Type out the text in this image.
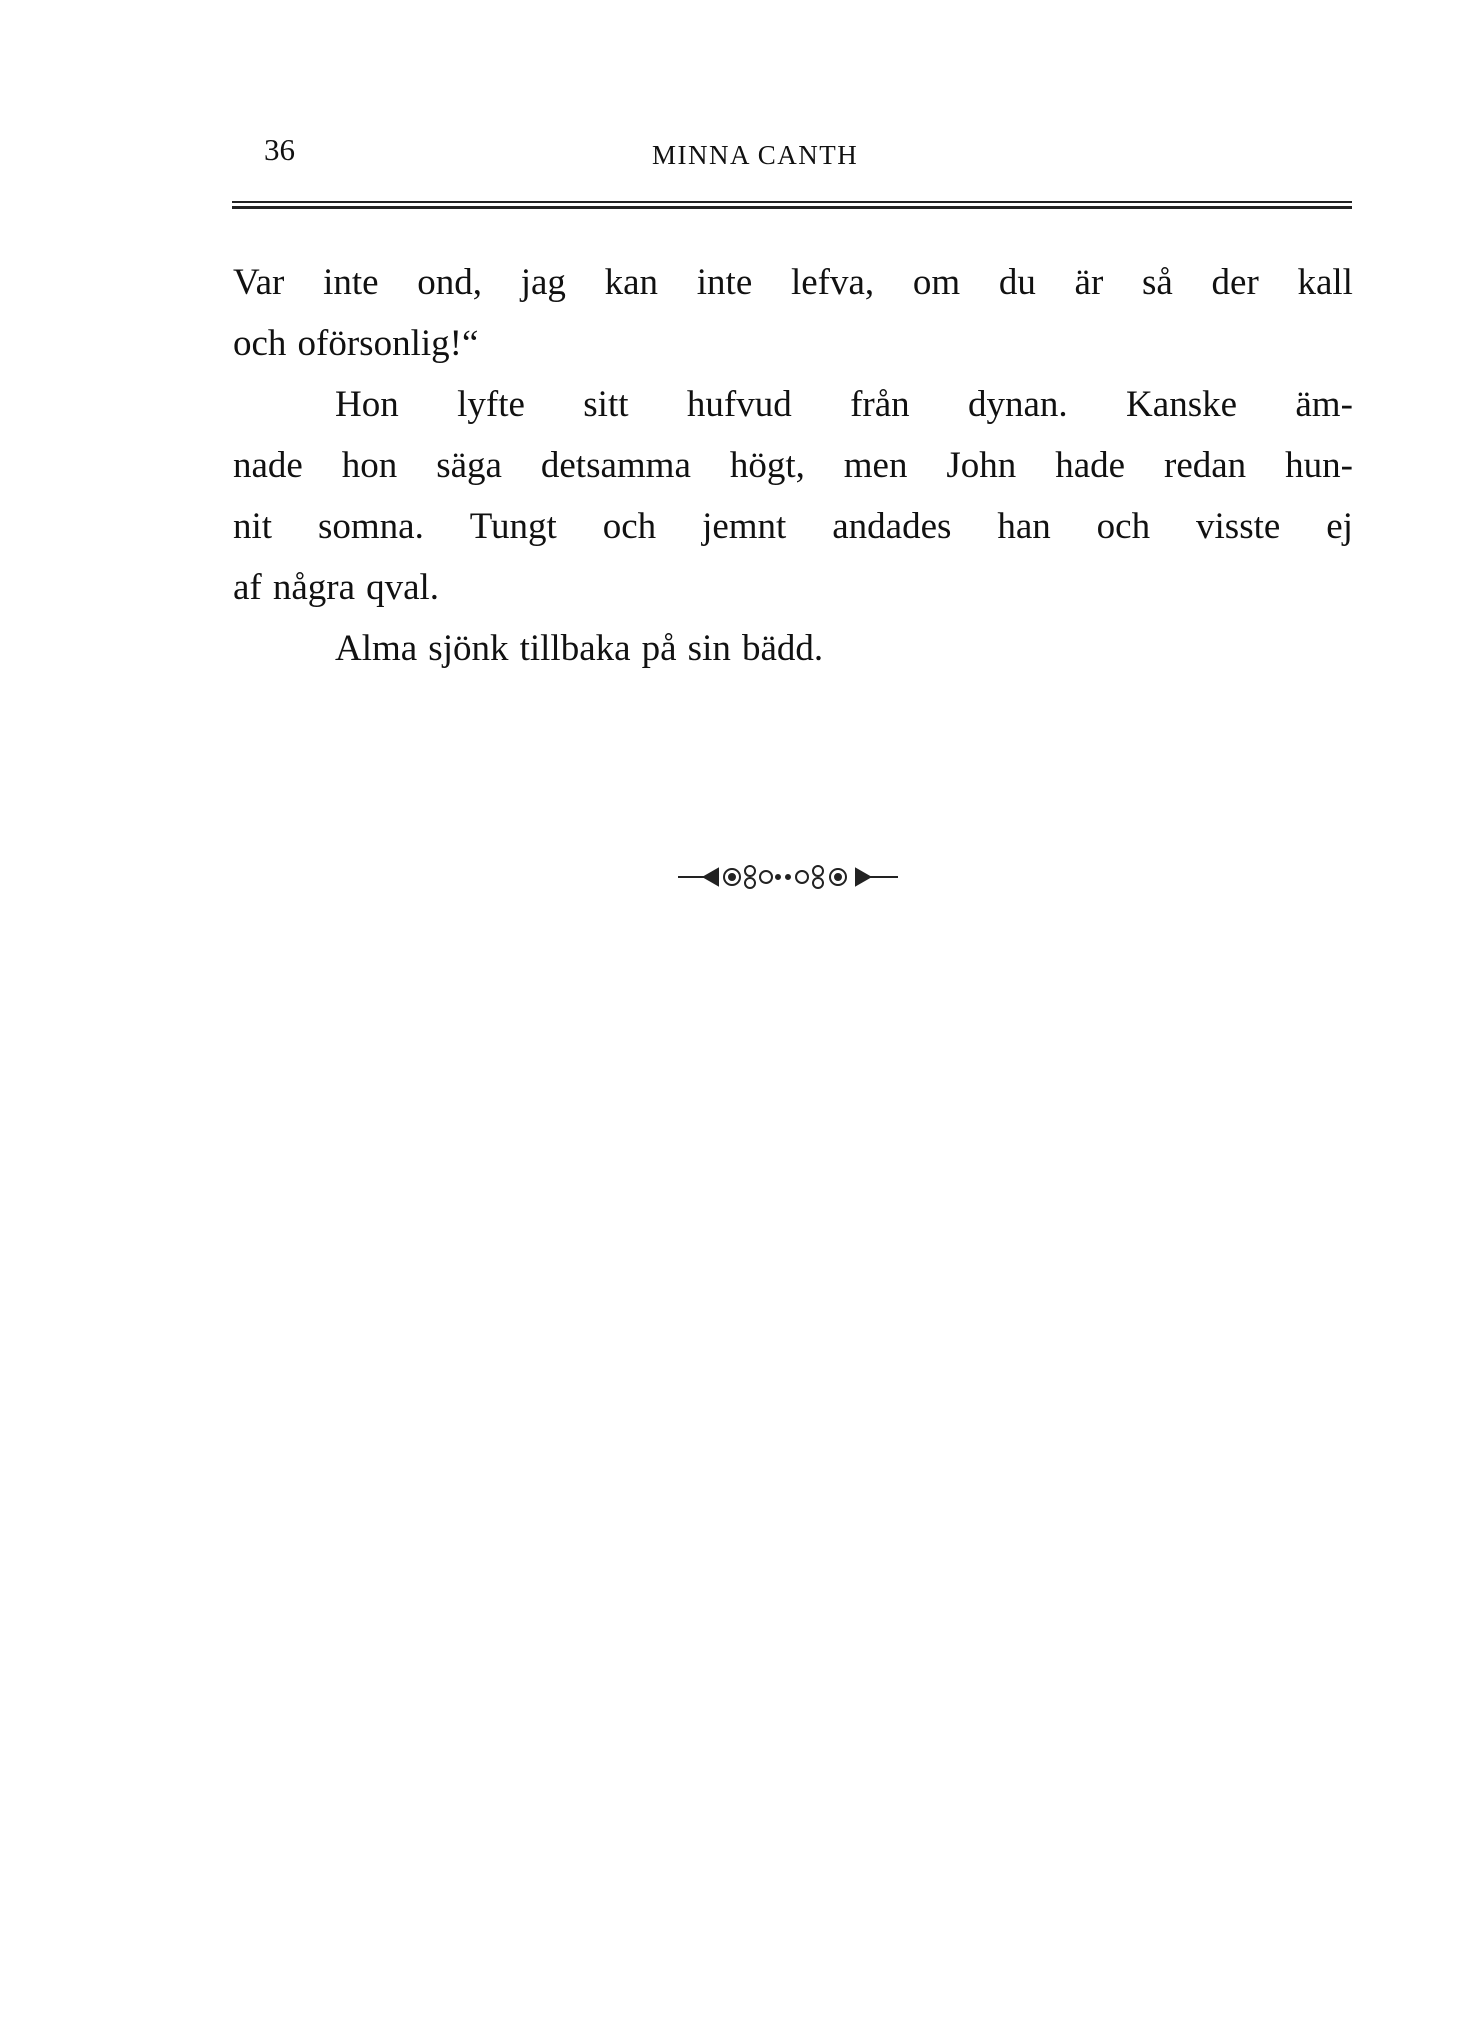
36	MINNA CANTH
Var inte ond, jag kan inte lefva, om du är så der kall
och oförsonlig!“
Hon lyfte sitt hufvud från dynan. Kanske äm-
nade hon säga detsamma högt, men John hade redan hun-
nit somna. Tungt och jemnt andades han och visste ej
af några qval.
Alma sjönk tillbaka på sin bädd.
